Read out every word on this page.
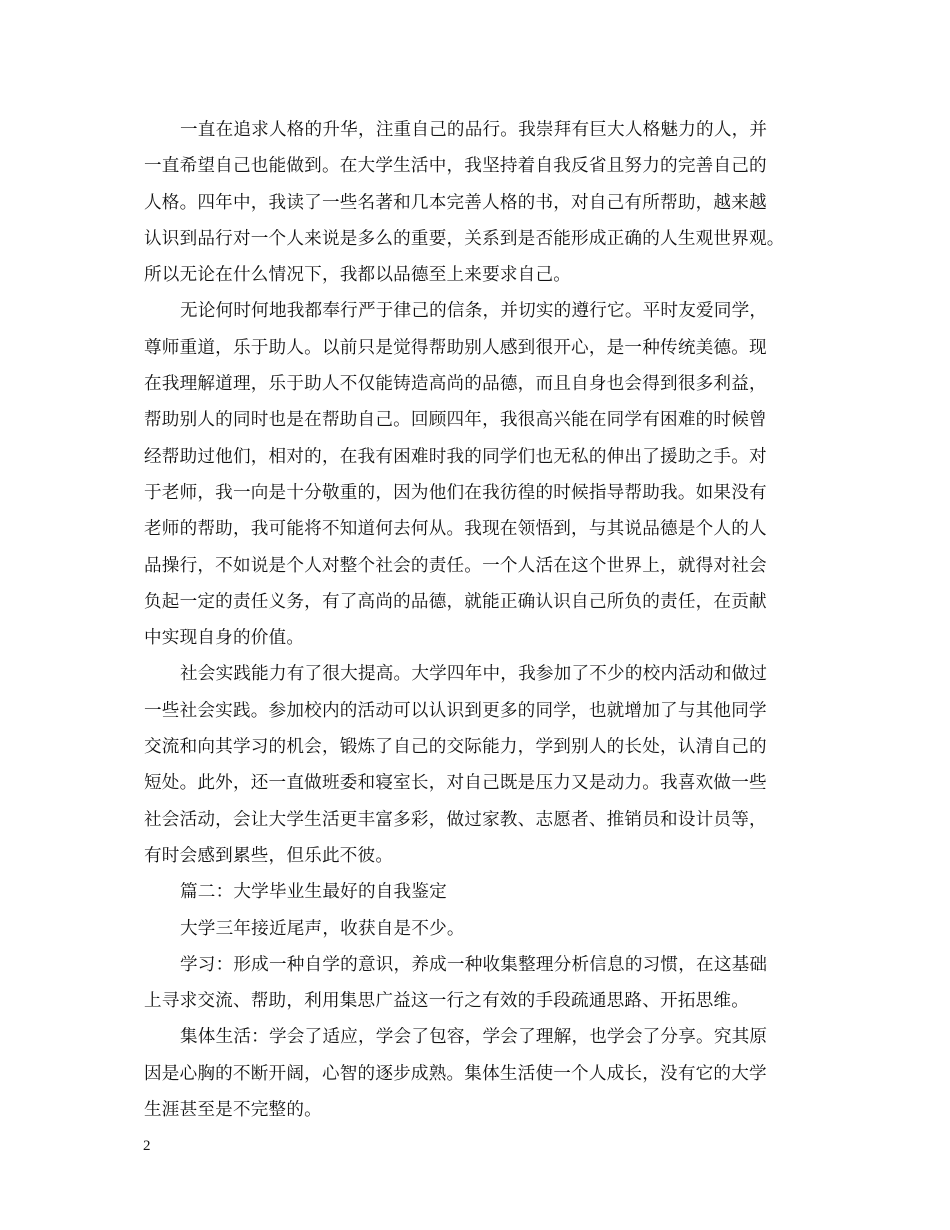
一直在追求人格的升华，注重自己的品行。我崇拜有巨大人格魅力的人，并
一直希望自己也能做到。在大学生活中，我坚持着自我反省且努力的完善自己的
人格。四年中，我读了一些名著和几本完善人格的书，对自己有所帮助，越来越
认识到品行对一个人来说是多么的重要，关系到是否能形成正确的人生观世界观。
所以无论在什么情况下，我都以品德至上来要求自己。
无论何时何地我都奉行严于律己的信条，并切实的遵行它。平时友爱同学，
尊师重道，乐于助人。以前只是觉得帮助别人感到很开心，是一种传统美德。现
在我理解道理，乐于助人不仅能铸造高尚的品德，而且自身也会得到很多利益，
帮助别人的同时也是在帮助自己。回顾四年，我很高兴能在同学有困难的时候曾
经帮助过他们，相对的，在我有困难时我的同学们也无私的伸出了援助之手。对
于老师，我一向是十分敬重的，因为他们在我彷徨的时候指导帮助我。如果没有
老师的帮助，我可能将不知道何去何从。我现在领悟到，与其说品德是个人的人
品操行，不如说是个人对整个社会的责任。一个人活在这个世界上，就得对社会
负起一定的责任义务，有了高尚的品德，就能正确认识自己所负的责任，在贡献
中实现自身的价值。
社会实践能力有了很大提高。大学四年中，我参加了不少的校内活动和做过
一些社会实践。参加校内的活动可以认识到更多的同学，也就增加了与其他同学
交流和向其学习的机会，锻炼了自己的交际能力，学到别人的长处，认清自己的
短处。此外，还一直做班委和寝室长，对自己既是压力又是动力。我喜欢做一些
社会活动，会让大学生活更丰富多彩，做过家教、志愿者、推销员和设计员等，
有时会感到累些，但乐此不彼。
篇二：大学毕业生最好的自我鉴定
大学三年接近尾声，收获自是不少。
学习：形成一种自学的意识，养成一种收集整理分析信息的习惯，在这基础
上寻求交流、帮助，利用集思广益这一行之有效的手段疏通思路、开拓思维。
集体生活：学会了适应，学会了包容，学会了理解，也学会了分享。究其原
因是心胸的不断开阔，心智的逐步成熟。集体生活使一个人成长，没有它的大学
生涯甚至是不完整的。
2
